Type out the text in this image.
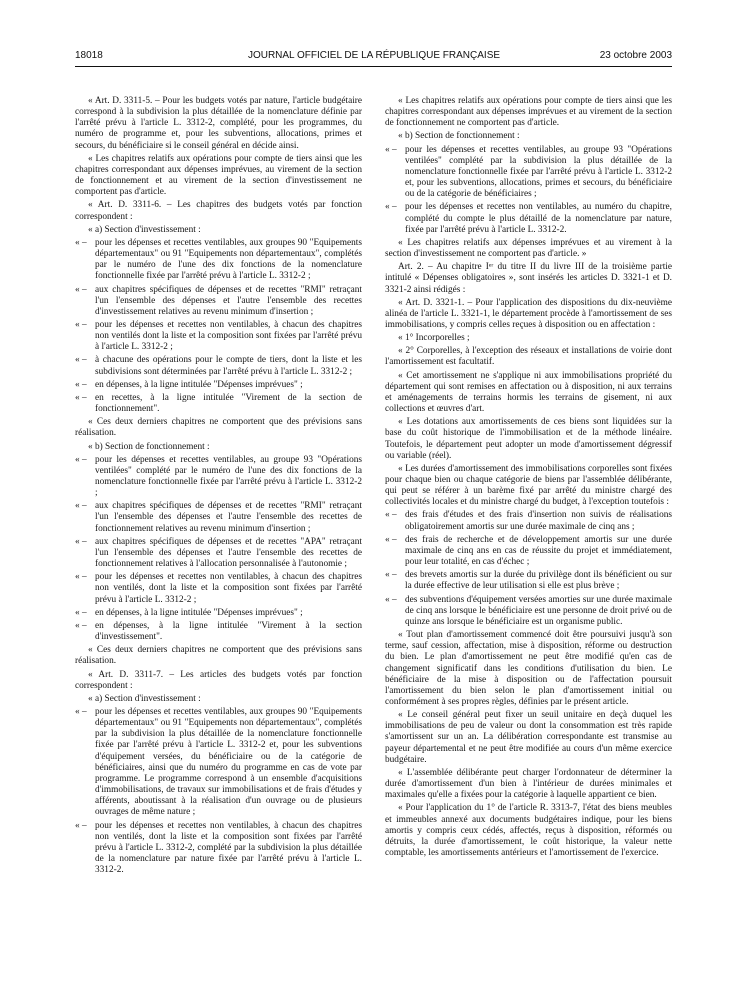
18018	JOURNAL OFFICIEL DE LA RÉPUBLIQUE FRANÇAISE	23 octobre 2003

« Art. D. 3311-5. – Pour les budgets votés par nature, l'article budgétaire correspond à la subdivision la plus détaillée de la nomenclature définie par l'arrêté prévu à l'article L. 3312-2, complété, pour les programmes, du numéro de programme et, pour les subventions, allocations, primes et secours, du bénéficiaire si le conseil général en décide ainsi.

« Les chapitres relatifs aux opérations pour compte de tiers ainsi que les chapitres correspondant aux dépenses imprévues, au virement de la section de fonctionnement et au virement de la section d'investissement ne comportent pas d'article.

« Art. D. 3311-6. – Les chapitres des budgets votés par fonction correspondent :

« a) Section d'investissement :

« – pour les dépenses et recettes ventilables, aux groupes 90 "Equipements départementaux" ou 91 "Equipements non départementaux", complétés par le numéro de l'une des dix fonctions de la nomenclature fonctionnelle fixée par l'arrêté prévu à l'article L. 3312-2 ;

« – aux chapitres spécifiques de dépenses et de recettes "RMI" retraçant l'un l'ensemble des dépenses et l'autre l'ensemble des recettes d'investissement relatives au revenu minimum d'insertion ;

« – pour les dépenses et recettes non ventilables, à chacun des chapitres non ventilés dont la liste et la composition sont fixées par l'arrêté prévu à l'article L. 3312-2 ;

« – à chacune des opérations pour le compte de tiers, dont la liste et les subdivisions sont déterminées par l'arrêté prévu à l'article L. 3312-2 ;

« – en dépenses, à la ligne intitulée "Dépenses imprévues" ;

« – en recettes, à la ligne intitulée "Virement de la section de fonctionnement".

« Ces deux derniers chapitres ne comportent que des prévisions sans réalisation.

« b) Section de fonctionnement :

« – pour les dépenses et recettes ventilables, au groupe 93 "Opérations ventilées" complété par le numéro de l'une des dix fonctions de la nomenclature fonctionnelle fixée par l'arrêté prévu à l'article L. 3312-2 ;

« – aux chapitres spécifiques de dépenses et de recettes "RMI" retraçant l'un l'ensemble des dépenses et l'autre l'ensemble des recettes de fonctionnement relatives au revenu minimum d'insertion ;

« – aux chapitres spécifiques de dépenses et de recettes "APA" retraçant l'un l'ensemble des dépenses et l'autre l'ensemble des recettes de fonctionnement relatives à l'allocation personnalisée à l'autonomie ;

« – pour les dépenses et recettes non ventilables, à chacun des chapitres non ventilés, dont la liste et la composition sont fixées par l'arrêté prévu à l'article L. 3312-2 ;

« – en dépenses, à la ligne intitulée "Dépenses imprévues" ;

« – en dépenses, à la ligne intitulée "Virement à la section d'investissement".

« Ces deux derniers chapitres ne comportent que des prévisions sans réalisation.

« Art. D. 3311-7. – Les articles des budgets votés par fonction correspondent :

« a) Section d'investissement :

« – pour les dépenses et recettes ventilables, aux groupes 90 "Equipements départementaux" ou 91 "Equipements non départementaux", complétés par la subdivision la plus détaillée de la nomenclature fonctionnelle fixée par l'arrêté prévu à l'article L. 3312-2 et, pour les subventions d'équipement versées, du bénéficiaire ou de la catégorie de bénéficiaires, ainsi que du numéro du programme en cas de vote par programme. Le programme correspond à un ensemble d'acquisitions d'immobilisations, de travaux sur immobilisations et de frais d'études y afférents, aboutissant à la réalisation d'un ouvrage ou de plusieurs ouvrages de même nature ;

« – pour les dépenses et recettes non ventilables, à chacun des chapitres non ventilés, dont la liste et la composition sont fixées par l'arrêté prévu à l'article L. 3312-2, complété par la subdivision la plus détaillée de la nomenclature par nature fixée par l'arrêté prévu à l'article L. 3312-2.

« Les chapitres relatifs aux opérations pour compte de tiers ainsi que les chapitres correspondant aux dépenses imprévues et au virement de la section de fonctionnement ne comportent pas d'article.

« b) Section de fonctionnement :

« – pour les dépenses et recettes ventilables, au groupe 93 "Opérations ventilées" complété par la subdivision la plus détaillée de la nomenclature fonctionnelle fixée par l'arrêté prévu à l'article L. 3312-2 et, pour les subventions, allocations, primes et secours, du bénéficiaire ou de la catégorie de bénéficiaires ;

« – pour les dépenses et recettes non ventilables, au numéro du chapitre, complété du compte le plus détaillé de la nomenclature par nature, fixée par l'arrêté prévu à l'article L. 3312-2.

« Les chapitres relatifs aux dépenses imprévues et au virement à la section d'investissement ne comportent pas d'article. »

Art. 2. – Au chapitre Iᵉʳ du titre II du livre III de la troisième partie intitulé « Dépenses obligatoires », sont insérés les articles D. 3321-1 et D. 3321-2 ainsi rédigés :

« Art. D. 3321-1. – Pour l'application des dispositions du dix-neuvième alinéa de l'article L. 3321-1, le département procède à l'amortissement de ses immobilisations, y compris celles reçues à disposition ou en affectation :

« 1° Incorporelles ;

« 2° Corporelles, à l'exception des réseaux et installations de voirie dont l'amortissement est facultatif.

« Cet amortissement ne s'applique ni aux immobilisations propriété du département qui sont remises en affectation ou à disposition, ni aux terrains et aménagements de terrains hormis les terrains de gisement, ni aux collections et œuvres d'art.

« Les dotations aux amortissements de ces biens sont liquidées sur la base du coût historique de l'immobilisation et de la méthode linéaire. Toutefois, le département peut adopter un mode d'amortissement dégressif ou variable (réel).

« Les durées d'amortissement des immobilisations corporelles sont fixées pour chaque bien ou chaque catégorie de biens par l'assemblée délibérante, qui peut se référer à un barème fixé par arrêté du ministre chargé des collectivités locales et du ministre chargé du budget, à l'exception toutefois :

« – des frais d'études et des frais d'insertion non suivis de réalisations obligatoirement amortis sur une durée maximale de cinq ans ;

« – des frais de recherche et de développement amortis sur une durée maximale de cinq ans en cas de réussite du projet et immédiatement, pour leur totalité, en cas d'échec ;

« – des brevets amortis sur la durée du privilège dont ils bénéficient ou sur la durée effective de leur utilisation si elle est plus brève ;

« – des subventions d'équipement versées amorties sur une durée maximale de cinq ans lorsque le bénéficiaire est une personne de droit privé ou de quinze ans lorsque le bénéficiaire est un organisme public.

« Tout plan d'amortissement commencé doit être poursuivi jusqu'à son terme, sauf cession, affectation, mise à disposition, réforme ou destruction du bien. Le plan d'amortissement ne peut être modifié qu'en cas de changement significatif dans les conditions d'utilisation du bien. Le bénéficiaire de la mise à disposition ou de l'affectation poursuit l'amortissement du bien selon le plan d'amortissement initial ou conformément à ses propres règles, définies par le présent article.

« Le conseil général peut fixer un seuil unitaire en deçà duquel les immobilisations de peu de valeur ou dont la consommation est très rapide s'amortissent sur un an. La délibération correspondante est transmise au payeur départemental et ne peut être modifiée au cours d'un même exercice budgétaire.

« L'assemblée délibérante peut charger l'ordonnateur de déterminer la durée d'amortissement d'un bien à l'intérieur de durées minimales et maximales qu'elle a fixées pour la catégorie à laquelle appartient ce bien.

« Pour l'application du 1° de l'article R. 3313-7, l'état des biens meubles et immeubles annexé aux documents budgétaires indique, pour les biens amortis y compris ceux cédés, affectés, reçus à disposition, réformés ou détruits, la durée d'amortissement, le coût historique, la valeur nette comptable, les amortissements antérieurs et l'amortissement de l'exercice.
